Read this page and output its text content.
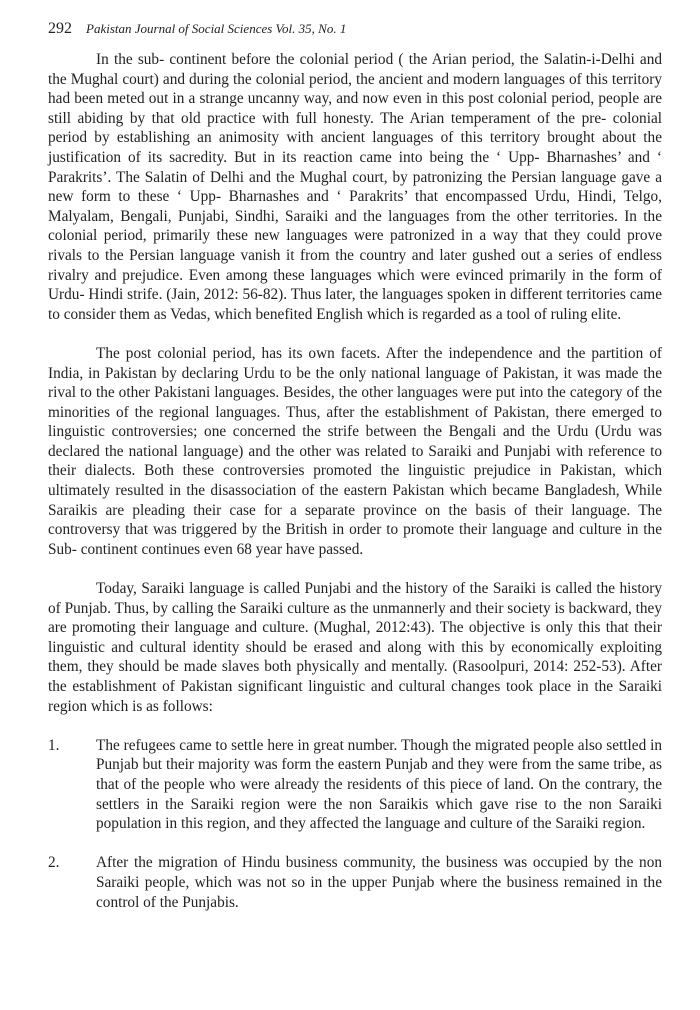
292 Pakistan Journal of Social Sciences Vol. 35, No. 1

In the sub- continent before the colonial period ( the Arian period, the Salatin-i-Delhi and the Mughal court) and during the colonial period, the ancient and modern languages of this territory had been meted out in a strange uncanny way, and now even in this post colonial period, people are still abiding by that old practice with full honesty. The Arian temperament of the pre- colonial period by establishing an animosity with ancient languages of this territory brought about the justification of its sacredity. But in its reaction came into being the ‘ Upp- Bharnashes’ and ‘ Parakrits’. The Salatin of Delhi and the Mughal court, by patronizing the Persian language gave a new form to these ‘ Upp- Bharnashes and ‘ Parakrits’ that encompassed Urdu, Hindi, Telgo, Malyalam, Bengali, Punjabi, Sindhi, Saraiki and the languages from the other territories. In the colonial period, primarily these new languages were patronized in a way that they could prove rivals to the Persian language vanish it from the country and later gushed out a series of endless rivalry and prejudice. Even among these languages which were evinced primarily in the form of Urdu- Hindi strife. (Jain, 2012: 56-82). Thus later, the languages spoken in different territories came to consider them as Vedas, which benefited English which is regarded as a tool of ruling elite.

The post colonial period, has its own facets. After the independence and the partition of India, in Pakistan by declaring Urdu to be the only national language of Pakistan, it was made the rival to the other Pakistani languages. Besides, the other languages were put into the category of the minorities of the regional languages. Thus, after the establishment of Pakistan, there emerged to linguistic controversies; one concerned the strife between the Bengali and the Urdu (Urdu was declared the national language) and the other was related to Saraiki and Punjabi with reference to their dialects. Both these controversies promoted the linguistic prejudice in Pakistan, which ultimately resulted in the disassociation of the eastern Pakistan which became Bangladesh, While Saraikis are pleading their case for a separate province on the basis of their language. The controversy that was triggered by the British in order to promote their language and culture in the Sub- continent continues even 68 year have passed.

Today, Saraiki language is called Punjabi and the history of the Saraiki is called the history of Punjab. Thus, by calling the Saraiki culture as the unmannerly and their society is backward, they are promoting their language and culture. (Mughal, 2012:43). The objective is only this that their linguistic and cultural identity should be erased and along with this by economically exploiting them, they should be made slaves both physically and mentally. (Rasoolpuri, 2014: 252-53). After the establishment of Pakistan significant linguistic and cultural changes took place in the Saraiki region which is as follows:

1.	The refugees came to settle here in great number. Though the migrated people also settled in Punjab but their majority was form the eastern Punjab and they were from the same tribe, as that of the people who were already the residents of this piece of land. On the contrary, the settlers in the Saraiki region were the non Saraikis which gave rise to the non Saraiki population in this region, and they affected the language and culture of the Saraiki region.
2.	After the migration of Hindu business community, the business was occupied by the non Saraiki people, which was not so in the upper Punjab where the business remained in the control of the Punjabis.
